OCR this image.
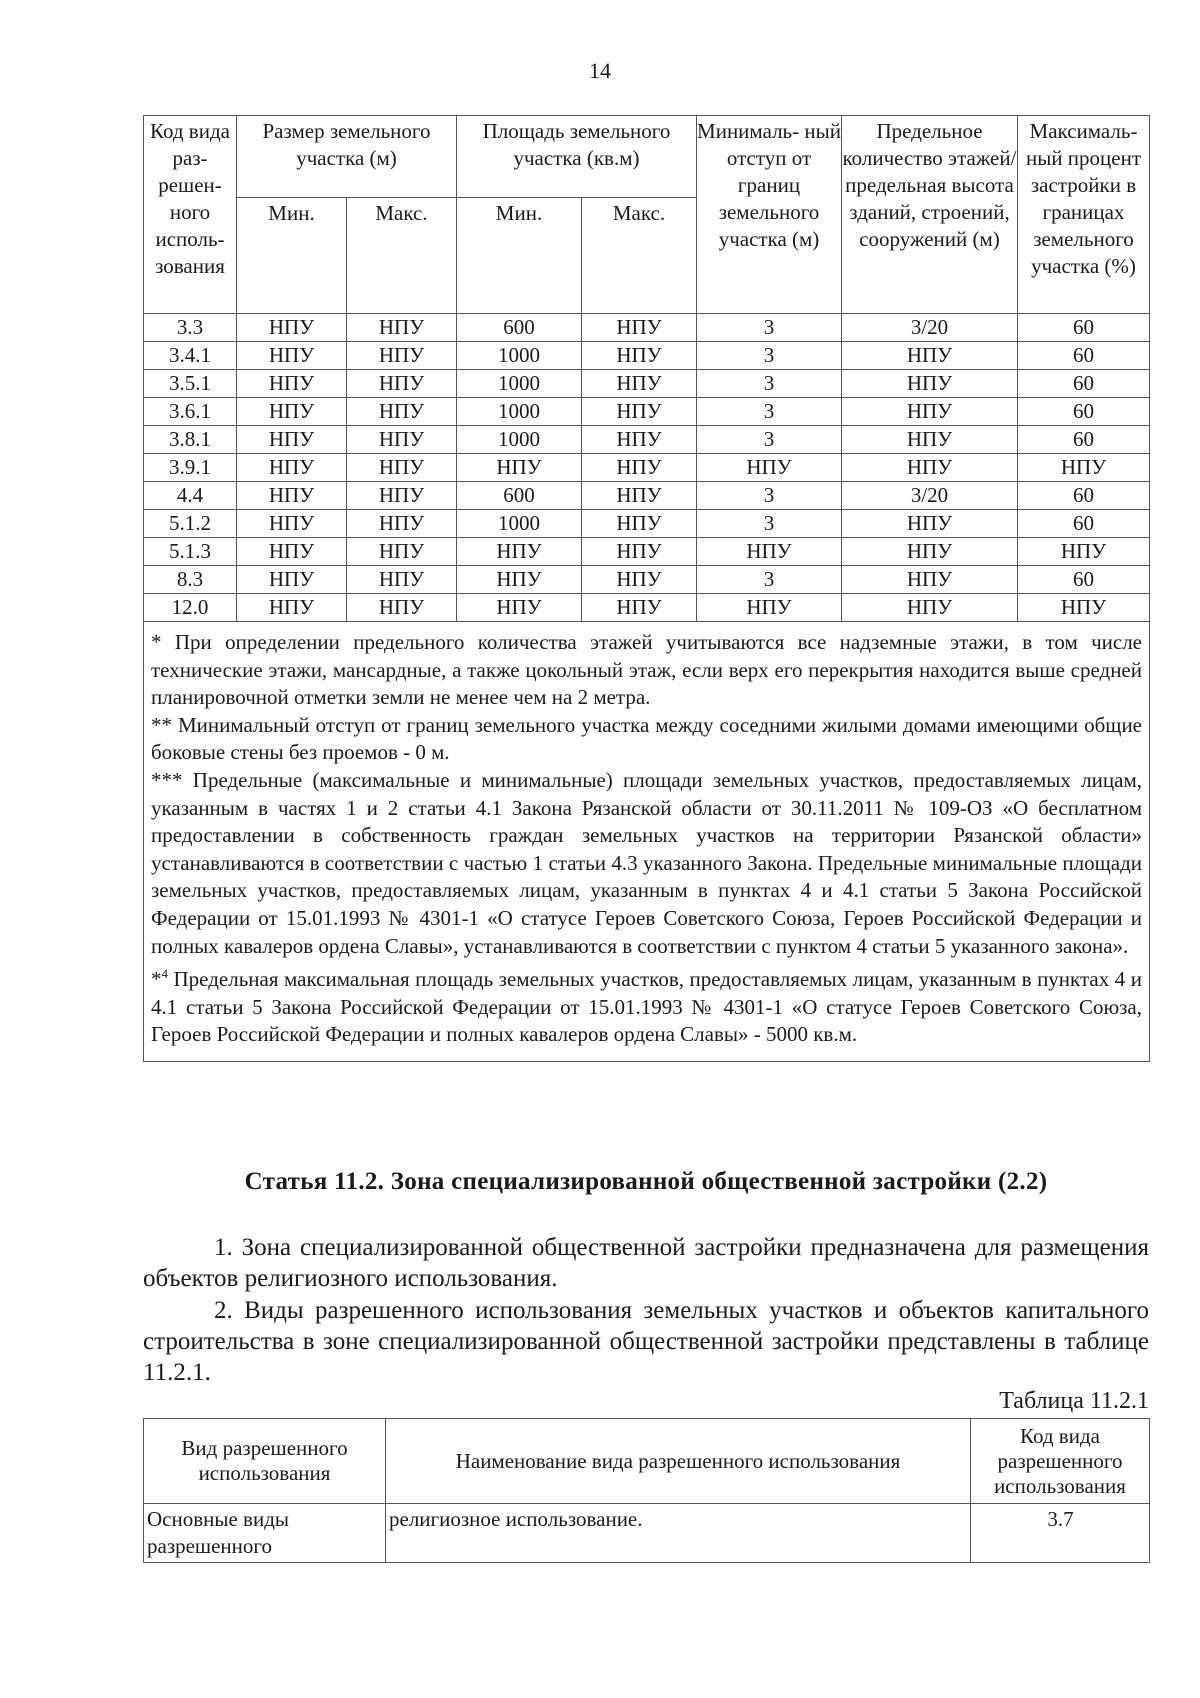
14
Код вида раз- решен- ного исполь- зования	Размер земельного участка (м)		Площадь земельного участка (кв.м)		Минималь- ный отступ от границ земельного участка (м)	Предельное количество этажей/ предельная высота зданий, строений, сооружений (м)	Максималь- ный процент застройки в границах земельного участка (%)
	Мин.	Макс.	Мин.	Макс.			
3.3	НПУ	НПУ	600	НПУ	3	3/20	60
3.4.1	НПУ	НПУ	1000	НПУ	3	НПУ	60
3.5.1	НПУ	НПУ	1000	НПУ	3	НПУ	60
3.6.1	НПУ	НПУ	1000	НПУ	3	НПУ	60
3.8.1	НПУ	НПУ	1000	НПУ	3	НПУ	60
3.9.1	НПУ	НПУ	НПУ	НПУ	НПУ	НПУ	НПУ
4.4	НПУ	НПУ	600	НПУ	3	3/20	60
5.1.2	НПУ	НПУ	1000	НПУ	3	НПУ	60
5.1.3	НПУ	НПУ	НПУ	НПУ	НПУ	НПУ	НПУ
8.3	НПУ	НПУ	НПУ	НПУ	3	НПУ	60
12.0	НПУ	НПУ	НПУ	НПУ	НПУ	НПУ	НПУ

* При определении предельного количества этажей учитываются все надземные этажи, в том числе технические этажи, мансардные, а также цокольный этаж, если верх его перекрытия находится выше средней планировочной отметки земли не менее чем на 2 метра.

** Минимальный отступ от границ земельного участка между соседними жилыми домами имеющими общие боковые стены без проемов - 0 м.

*** Предельные (максимальные и минимальные) площади земельных участков, предоставляемых лицам, указанным в частях 1 и 2 статьи 4.1 Закона Рязанской области от 30.11.2011 № 109-ОЗ «О бесплатном предоставлении в собственность граждан земельных участков на территории Рязанской области» устанавливаются в соответствии с частью 1 статьи 4.3 указанного Закона. Предельные минимальные площади земельных участков, предоставляемых лицам, указанным в пунктах 4 и 4.1 статьи 5 Закона Российской Федерации от 15.01.1993 № 4301-1 «О статусе Героев Советского Союза, Героев Российской Федерации и полных кавалеров ордена Славы», устанавливаются в соответствии с пунктом 4 статьи 5 указанного закона».

*$^4$ Предельная максимальная площадь земельных участков, предоставляемых лицам, указанным в пунктах 4 и 4.1 статьи 5 Закона Российской Федерации от 15.01.1993 № 4301-1 «О статусе Героев Советского Союза, Героев Российской Федерации и полных кавалеров ордена Славы» - 5000 кв.м.							

Статья 11.2. Зона специализированной общественной застройки (2.2)

1. Зона специализированной общественной застройки предназначена для размещения объектов религиозного использования.

2. Виды разрешенного использования земельных участков и объектов капитального строительства в зоне специализированной общественной застройки представлены в таблице 11.2.1.

Таблица 11.2.1
Вид разрешенного использования	Наименование вида разрешенного использования	Код вида разрешенного использования
Основные виды разрешенного	религиозное использование.	3.7
